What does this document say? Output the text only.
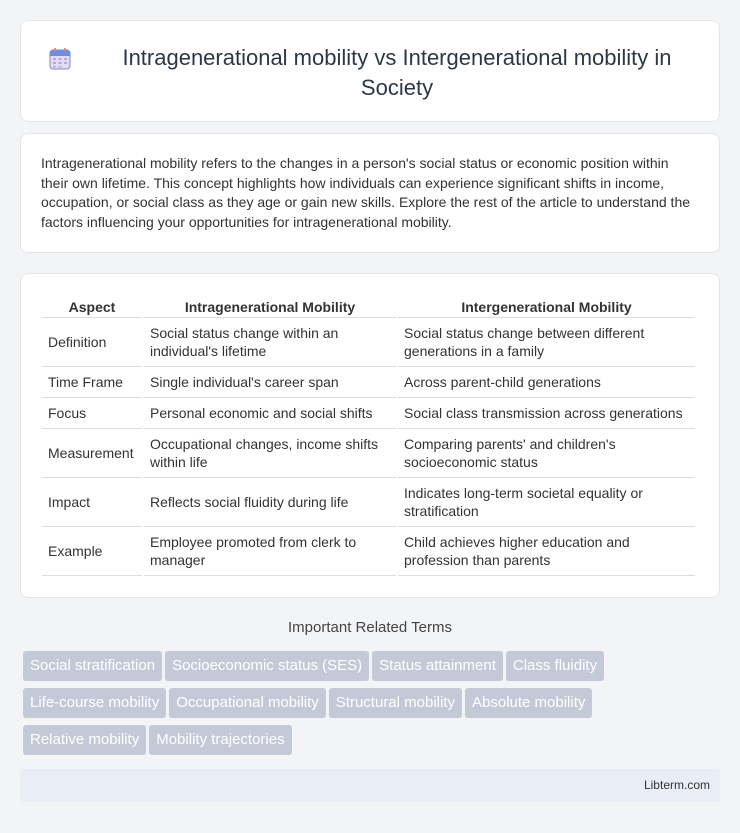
Intragenerational mobility vs Intergenerational mobility in Society

Intragenerational mobility refers to the changes in a person's social status or economic position within their own lifetime. This concept highlights how individuals can experience significant shifts in income, occupation, or social class as they age or gain new skills. Explore the rest of the article to understand the factors influencing your opportunities for intragenerational mobility.

Aspect	Intragenerational Mobility	Intergenerational Mobility
Definition	Social status change within an individual's lifetime	Social status change between different generations in a family
Time Frame	Single individual's career span	Across parent-child generations
Focus	Personal economic and social shifts	Social class transmission across generations
Measurement	Occupational changes, income shifts within life	Comparing parents' and children's socioeconomic status
Impact	Reflects social fluidity during life	Indicates long-term societal equality or stratification
Example	Employee promoted from clerk to manager	Child achieves higher education and profession than parents
Important Related Terms
Social stratification Socioeconomic status (SES) Status attainment Class fluidity
Life-course mobility Occupational mobility Structural mobility Absolute mobility
Relative mobility Mobility trajectories
Libterm.com
